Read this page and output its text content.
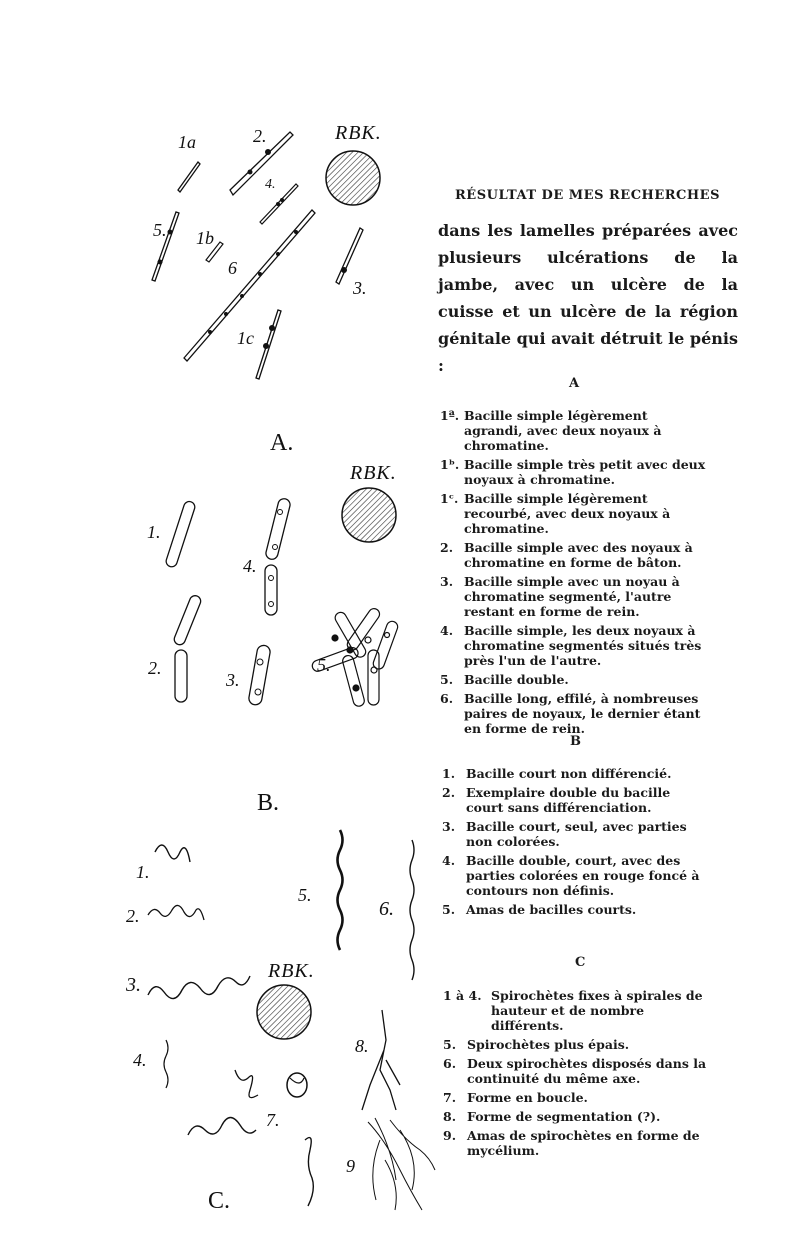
1a	2.
4.
5. 1b
6
3.
1c
RBK.
A.
RBK.
1.
4.
2.
3.
5.
B.
1.
2.
5.
6.
3.
RBK.
4.
8.
7.
9
C.
RÉSULTAT DE MES RECHERCHES
dans les lamelles préparées avec plusieurs ulcérations de la jambe, avec un ulcère de la cuisse et un ulcère de la région génitale qui avait détruit le pénis :
A
1ª. Bacille simple légèrement agrandi, avec deux noyaux à chromatine.
1ᵇ. Bacille simple très petit avec deux noyaux à chromatine.
1ᶜ. Bacille simple légèrement recourbé, avec deux noyaux à chromatine.
2. Bacille simple avec des noyaux à chromatine en forme de bâton.
3. Bacille simple avec un noyau à chromatine segmenté, l'autre restant en forme de rein.
4. Bacille simple, les deux noyaux à chromatine segmentés situés très près l'un de l'autre.
5. Bacille double.
6. Bacille long, effilé, à nombreuses paires de noyaux, le dernier étant en forme de rein.
B
1. Bacille court non différencié.
2. Exemplaire double du bacille court sans différenciation.
3. Bacille court, seul, avec parties non colorées.
4. Bacille double, court, avec des parties colorées en rouge foncé à contours non définis.
5. Amas de bacilles courts.
C
1 à 4. Spirochètes fixes à spirales de hauteur et de nombre différents.
5. Spirochètes plus épais.
6. Deux spirochètes disposés dans la continuité du même axe.
7. Forme en boucle.
8. Forme de segmentation (?).
9. Amas de spirochètes en forme de mycélium.
